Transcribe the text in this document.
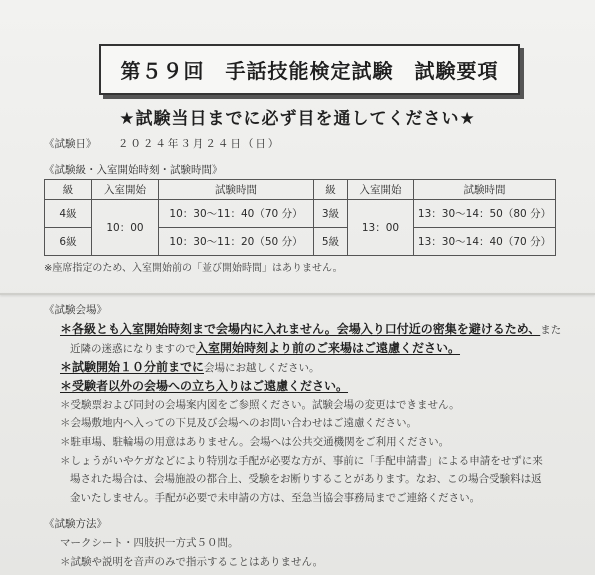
第５９回　手話技能検定試験　試験要項
★試験当日までに必ず目を通してください★
《試験日》 ２０２４年３月２４日（日）
《試験級・入室開始時刻・試験時間》
級	入室開始	試験時間	級	入室開始	試験時間
4級	10：00	10：30～11：40（70 分）	3級	13：00	13：30～14：50（80 分）
6級		10：30～11：20（50 分）	5級		13：30～14：40（70 分）
※座席指定のため、入室開始前の「並び開始時間」はありません。
《試験会場》
＊各級とも入室開始時刻まで会場内に入れません。会場入り口付近の密集を避けるため、また
近隣の迷惑になりますので入室開始時刻より前のご来場はご遠慮ください。
＊試験開始１０分前までに会場にお越しください。
＊受験者以外の会場への立ち入りはご遠慮ください。
＊受験票および同封の会場案内図をご参照ください。試験会場の変更はできません。
＊会場敷地内へ入っての下見及び会場へのお問い合わせはご遠慮ください。
＊駐車場、駐輪場の用意はありません。会場へは公共交通機関をご利用ください。
＊しょうがいやケガなどにより特別な手配が必要な方が、事前に「手配申請書」による申請をせずに来
場された場合は、会場施設の都合上、受験をお断りすることがあります。なお、この場合受験料は返
金いたしません。手配が必要で未申請の方は、至急当協会事務局までご連絡ください。
《試験方法》
マークシート・四肢択一方式５０問。
＊試験や説明を音声のみで指示することはありません。
